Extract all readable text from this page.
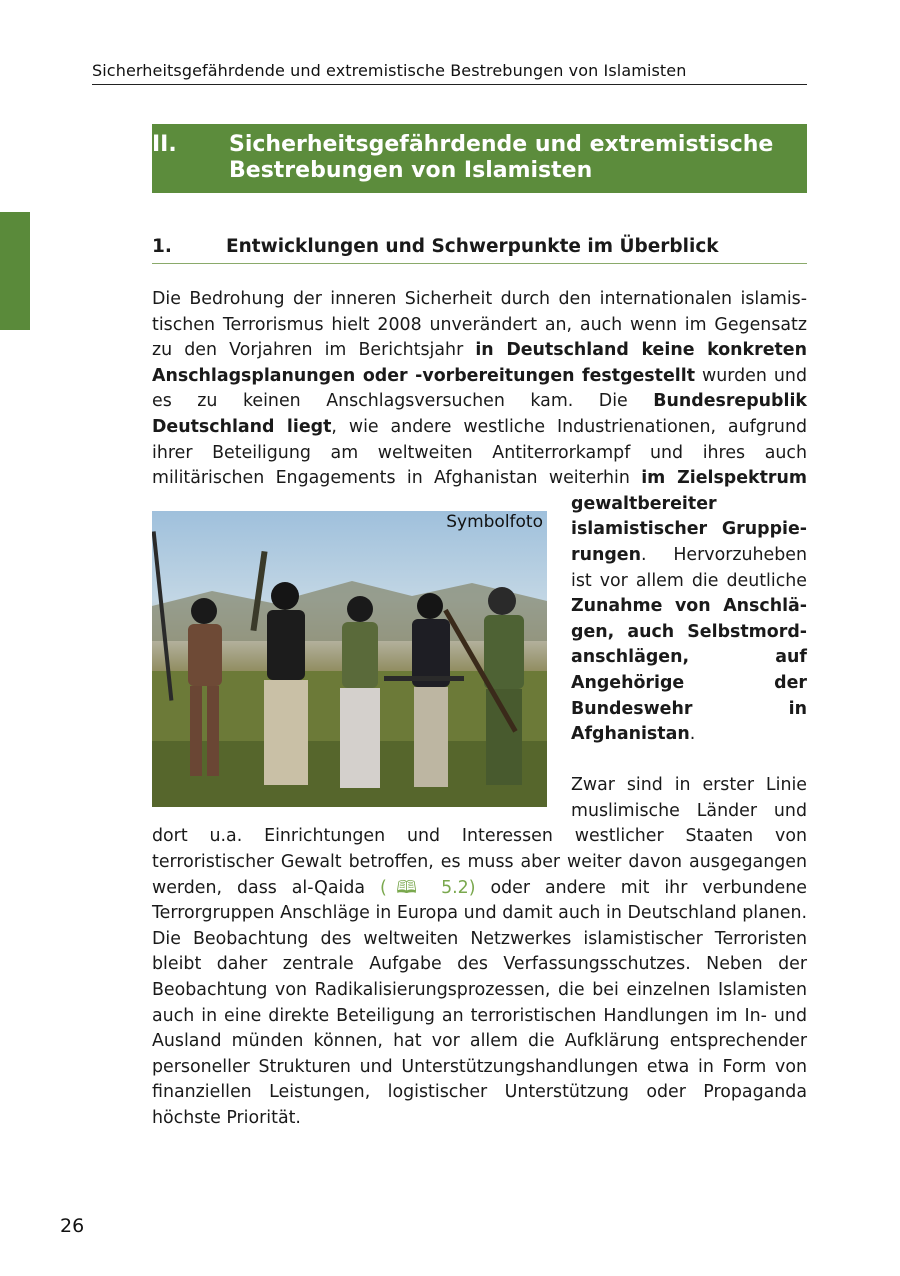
Sicherheitsgefährdende und extremistische Bestrebungen von Islamisten
II. Sicherheitsgefährdende und extremistische Bestrebungen von Islamisten
1.	Entwicklungen und Schwerpunkte im Überblick

Die Bedrohung der inneren Sicherheit durch den internationalen islamistischen Terrorismus hielt 2008 unverändert an, auch wenn im Gegensatz zu den Vorjahren im Berichtsjahr in Deutschland keine konkreten Anschlagsplanungen oder -vorbereitungen festgestellt wurden und es zu keinen Anschlagsversuchen kam. Die Bundesrepublik Deutschland liegt, wie andere westliche Industrienationen, aufgrund ihrer Beteiligung am weltweiten Antiterrorkampf und ihres auch militärischen Engagements in Afghanistan weiterhin
Symbolfoto
im Zielspektrum gewaltbereiter islamistischer Gruppierungen. Hervorzuheben ist vor allem die deutliche Zunahme von Anschlägen, auch Selbstmordanschlägen, auf Angehörige der Bundeswehr in Afghanistan.

Zwar sind in erster Linie muslimische Länder und dort u.a. Einrichtungen und Interessen westlicher Staaten von terroristischer Gewalt betroffen, es muss aber weiter davon ausgegangen werden, dass al-Qaida (🕮 5.2) oder andere mit ihr verbundene Terrorgruppen Anschläge in Europa und damit auch in Deutschland planen. Die Beobachtung des weltweiten Netzwerkes islamistischer Terroristen bleibt daher zentrale Aufgabe des Verfassungsschutzes. Neben der Beobachtung von Radikalisierungsprozessen, die bei einzelnen Islamisten auch in eine direkte Beteiligung an terroristischen Handlungen im In- und Ausland münden können, hat vor allem die Aufklärung entsprechender personeller Strukturen und Unterstützungshandlungen etwa in Form von finanziellen Leistungen, logistischer Unterstützung oder Propaganda höchste Priorität.

26
